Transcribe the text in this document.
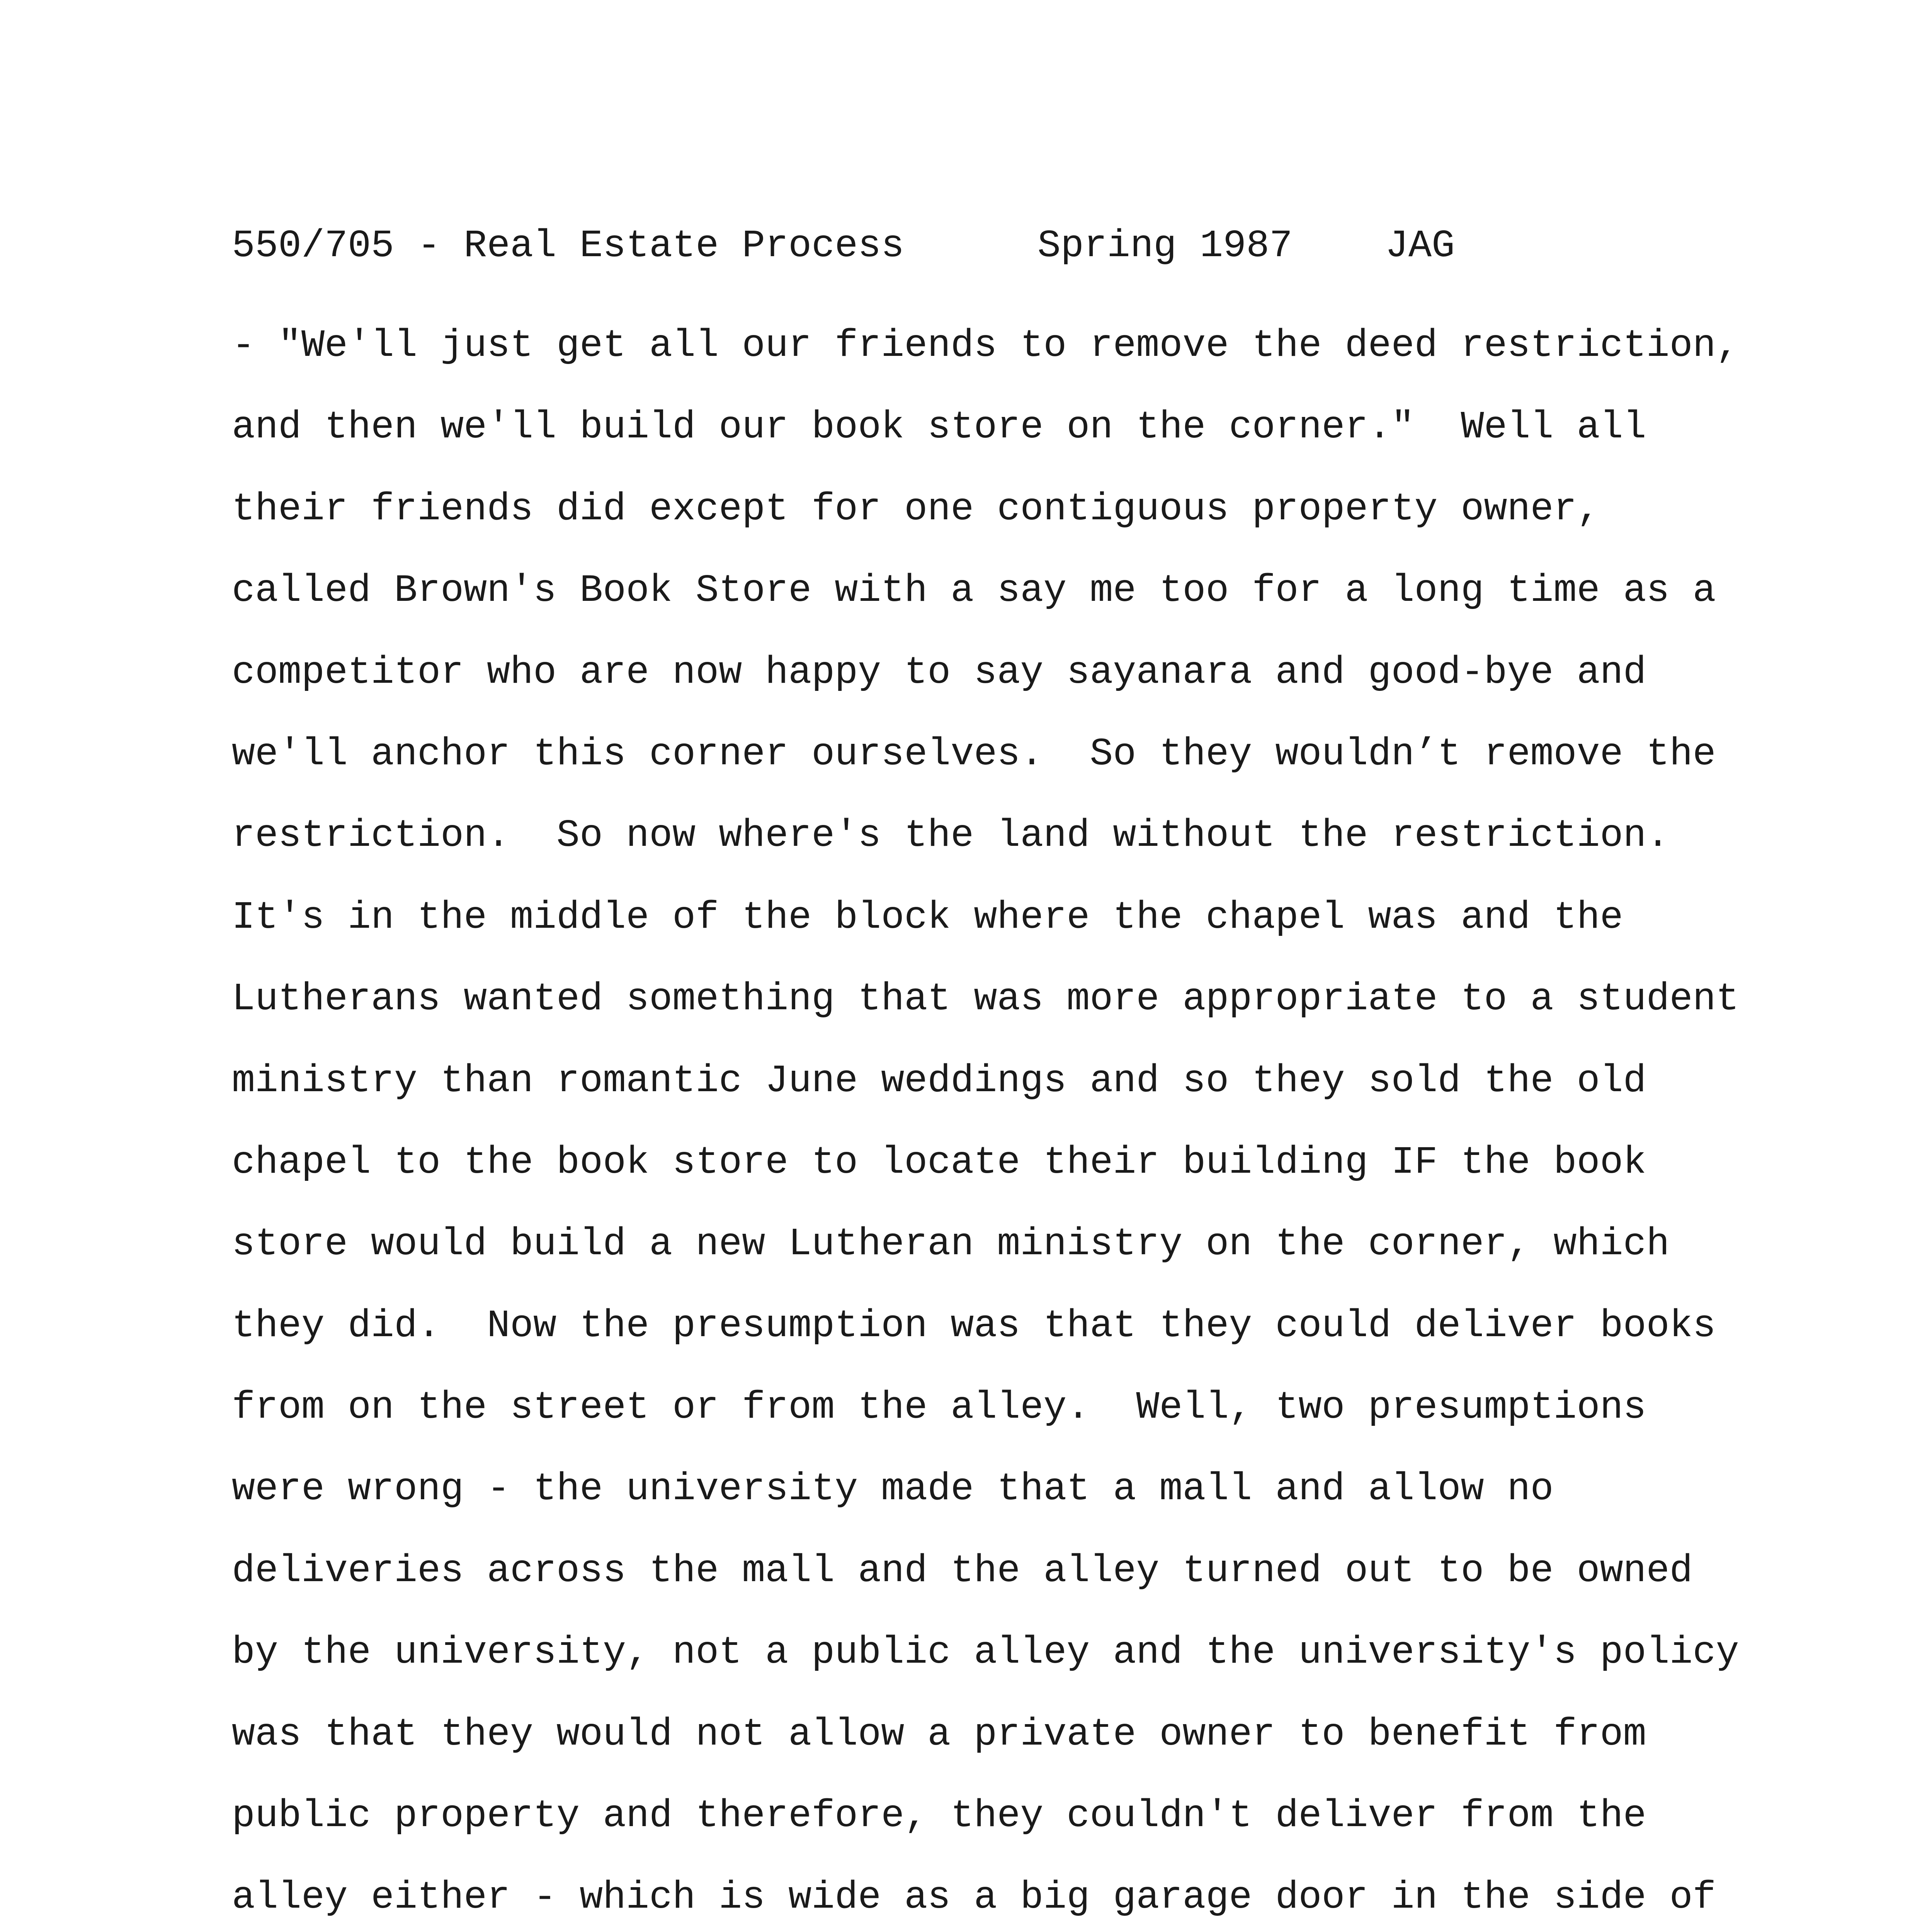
550/705 - Real Estate Process

	Spring 1987

JAG

- "We'll just get all our friends to remove the deed restriction,
and then we'll build our book store on the corner."  Well all
their friends did except for one contiguous property owner,
called Brown's Book Store with a say me too for a long time as a
competitor who are now happy to say sayanara and good-bye and
we'll anchor this corner ourselves.  So they wouldn’t remove the
restriction.  So now where's the land without the restriction.
It's in the middle of the block where the chapel was and the
Lutherans wanted something that was more appropriate to a student
ministry than romantic June weddings and so they sold the old
chapel to the book store to locate their building IF the book
store would build a new Lutheran ministry on the corner, which
they did.  Now the presumption was that they could deliver books
from on the street or from the alley.  Well, two presumptions
were wrong - the university made that a mall and allow no
deliveries across the mall and the alley turned out to be owned
by the university, not a public alley and the university's policy
was that they would not allow a private owner to benefit from
public property and therefore, they couldn't deliver from the
alley either - which is wide as a big garage door in the side of
